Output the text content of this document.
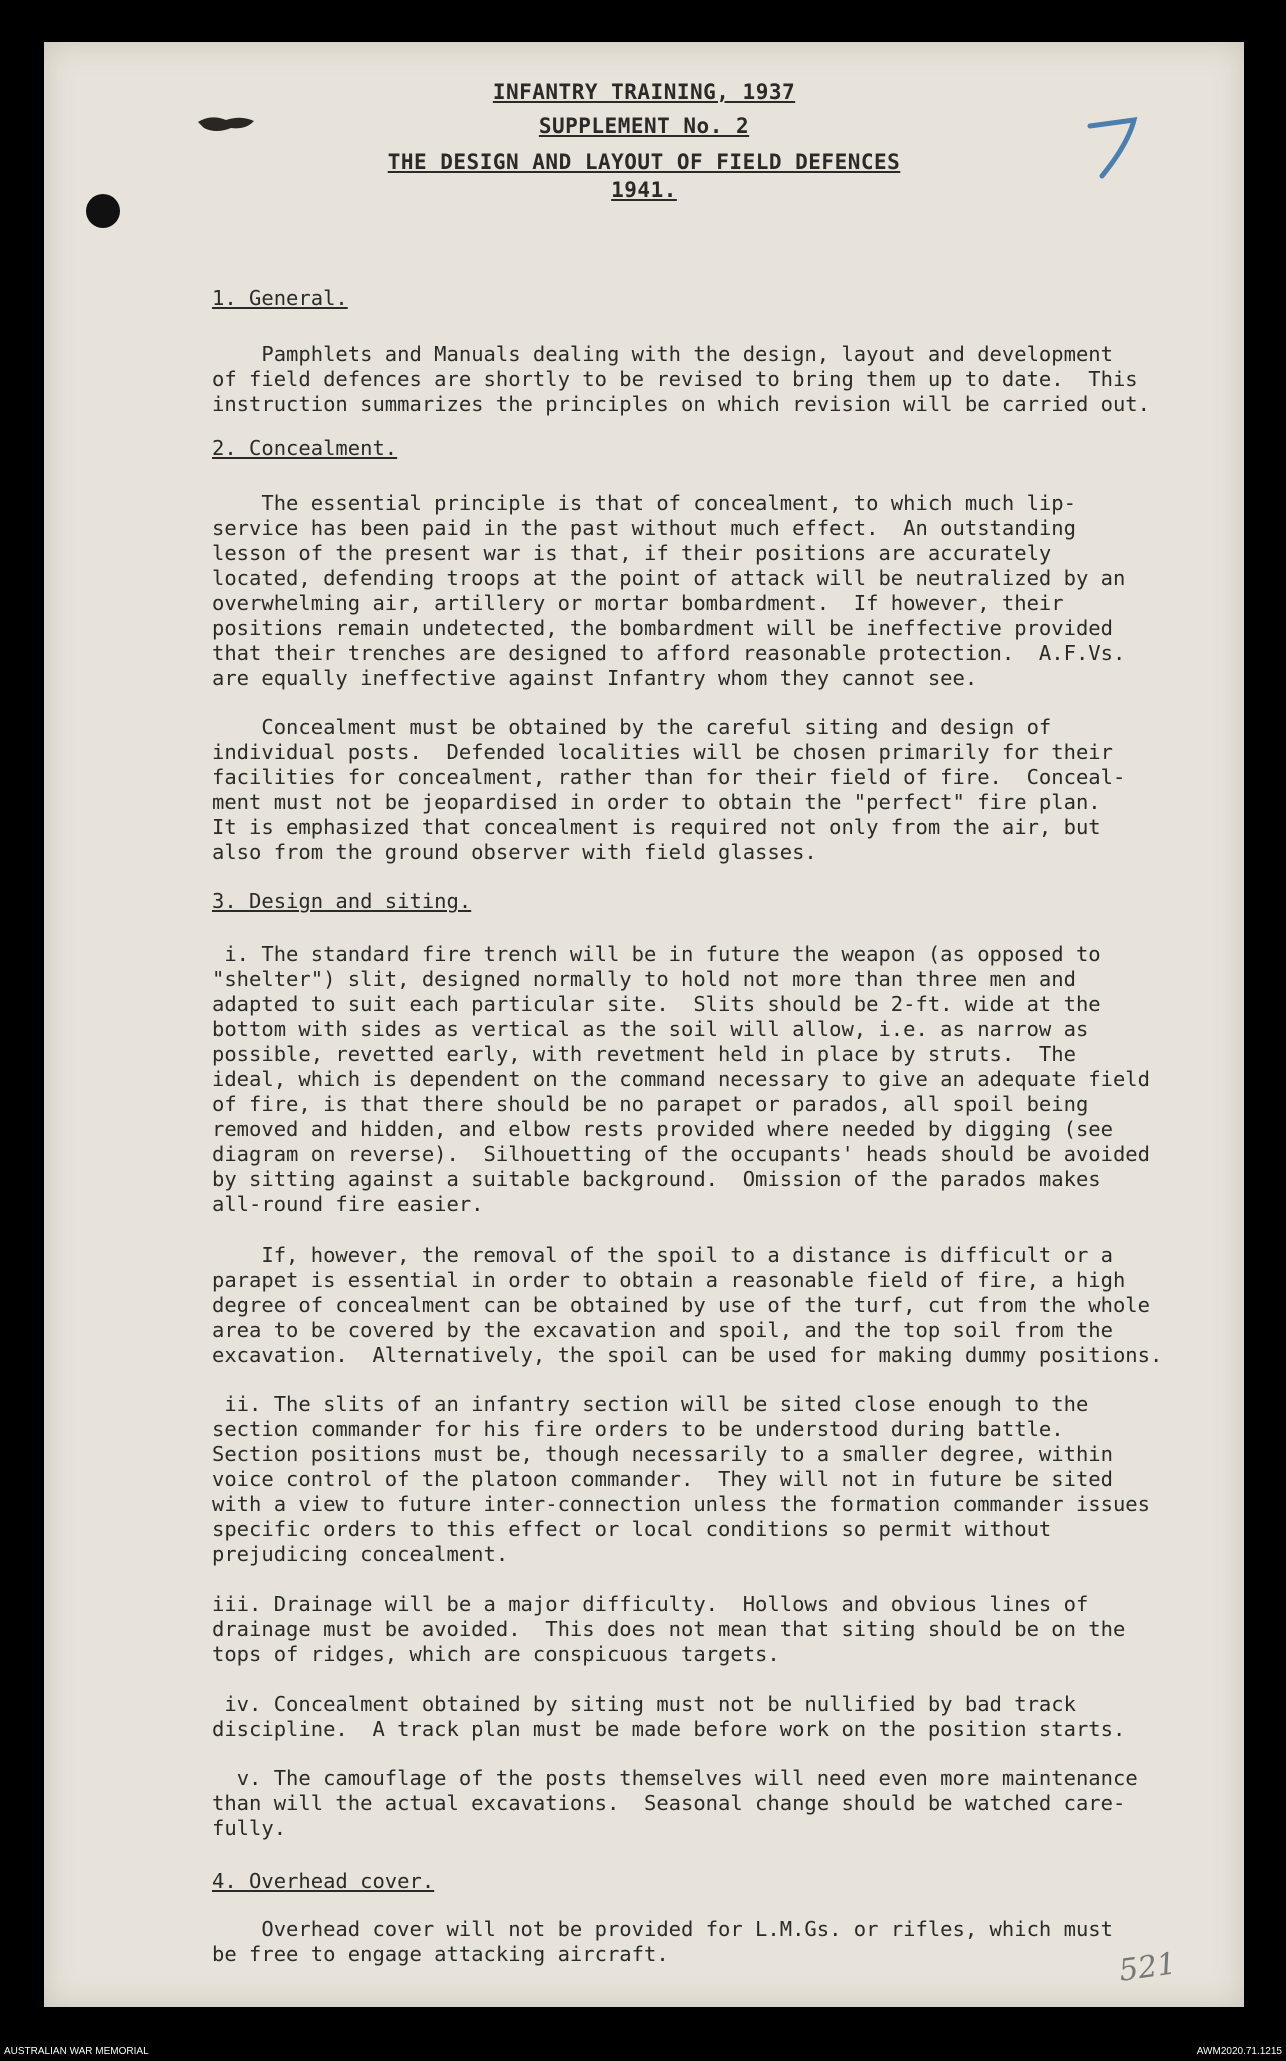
INFANTRY TRAINING, 1937
SUPPLEMENT No. 2
THE DESIGN AND LAYOUT OF FIELD DEFENCES
1941.
1. General.
Pamphlets and Manuals dealing with the design, layout and development
of field defences are shortly to be revised to bring them up to date.  This
instruction summarizes the principles on which revision will be carried out.
2. Concealment.
The essential principle is that of concealment, to which much lip-
service has been paid in the past without much effect.  An outstanding
lesson of the present war is that, if their positions are accurately
located, defending troops at the point of attack will be neutralized by an
overwhelming air, artillery or mortar bombardment.  If however, their
positions remain undetected, the bombardment will be ineffective provided
that their trenches are designed to afford reasonable protection.  A.F.Vs.
are equally ineffective against Infantry whom they cannot see.
Concealment must be obtained by the careful siting and design of
individual posts.  Defended localities will be chosen primarily for their
facilities for concealment, rather than for their field of fire.  Conceal-
ment must not be jeopardised in order to obtain the "perfect" fire plan.
It is emphasized that concealment is required not only from the air, but
also from the ground observer with field glasses.
3. Design and siting.
i. The standard fire trench will be in future the weapon (as opposed to
"shelter") slit, designed normally to hold not more than three men and
adapted to suit each particular site.  Slits should be 2-ft. wide at the
bottom with sides as vertical as the soil will allow, i.e. as narrow as
possible, revetted early, with revetment held in place by struts.  The
ideal, which is dependent on the command necessary to give an adequate field
of fire, is that there should be no parapet or parados, all spoil being
removed and hidden, and elbow rests provided where needed by digging (see
diagram on reverse).  Silhouetting of the occupants' heads should be avoided
by sitting against a suitable background.  Omission of the parados makes
all-round fire easier.
If, however, the removal of the spoil to a distance is difficult or a
parapet is essential in order to obtain a reasonable field of fire, a high
degree of concealment can be obtained by use of the turf, cut from the whole
area to be covered by the excavation and spoil, and the top soil from the
excavation.  Alternatively, the spoil can be used for making dummy positions.
ii. The slits of an infantry section will be sited close enough to the
section commander for his fire orders to be understood during battle.
Section positions must be, though necessarily to a smaller degree, within
voice control of the platoon commander.  They will not in future be sited
with a view to future inter-connection unless the formation commander issues
specific orders to this effect or local conditions so permit without
prejudicing concealment.
iii. Drainage will be a major difficulty.  Hollows and obvious lines of
drainage must be avoided.  This does not mean that siting should be on the
tops of ridges, which are conspicuous targets.
iv. Concealment obtained by siting must not be nullified by bad track
discipline.  A track plan must be made before work on the position starts.
v. The camouflage of the posts themselves will need even more maintenance
than will the actual excavations.  Seasonal change should be watched care-
fully.
4. Overhead cover.
Overhead cover will not be provided for L.M.Gs. or rifles, which must
be free to engage attacking aircraft.	521
AUSTRALIAN WAR MEMORIAL	AWM2020.71.1215
